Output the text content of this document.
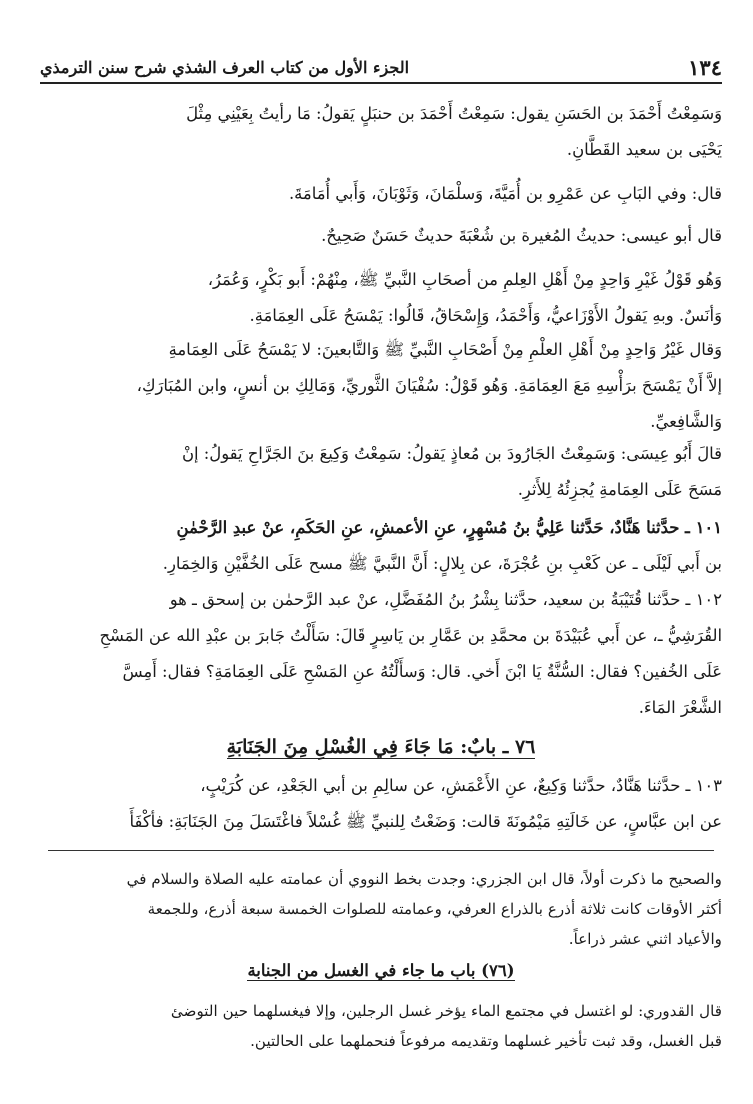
١٣٤
الجزء الأول من كتاب العرف الشذي شرح سنن الترمذي
وَسَمِعْتُ أَحْمَدَ بن الحَسَنِ يقول: سَمِعْتُ أَحْمَدَ بن حنبَلٍ يَقولُ: مَا رأيتُ بِعَيْنِي مِثْلَ
يَحْيَى بن سعيد القَطَّانِ.
قال: وفي البَابِ عن عَمْرِو بن أُمَيَّةَ، وَسلْمَانَ، وَثَوْبَانَ، وَأَبي أُمَامَةَ.
قال أبو عيسى: حديثُ المُغيرة بن شُعْبَةَ حديثٌ حَسَنٌ صَحِيحٌ.
وَهُو قَوْلُ غَيْرِ وَاحِدٍ مِنْ أَهْلِ العِلمِ من أصحَابِ النَّبيِّ ﷺ، مِنْهُمْ: أَبو بَكْرٍ، وَعُمَرُ،
وَأنَسٌ. وبهِ يَقولُ الأَوْزَاعيُّ، وَأَحْمَدُ، وَإِسْحَاقُ، قَالُوا: يَمْسَحُ عَلَى العِمَامَةِ.
وَقال غَيْرُ وَاحِدٍ مِنْ أَهْلِ العلْمِ مِنْ أَصْحَابِ النَّبيِّ ﷺ وَالتَّابعينَ: لا يَمْسَحُ عَلَى العِمَامةِ
إلاَّ أَنْ يَمْسَحَ برَأْسِهِ مَعَ العِمَامَةِ. وَهُو قَوْلُ: سُفْيَانَ الثَّوريِّ، وَمَالِكِ بن أنسٍ، وابن المُبَارَكِ،
وَالشَّافِعيِّ.
قالَ أَبُو عِيسَى: وَسَمِعْتُ الجَارُودَ بن مُعاذٍ يَقولُ: سَمِعْتُ وَكِيعَ بنَ الجَرَّاحِ يَقولُ: إنْ
مَسَحَ عَلَى العِمَامةِ يُجزِئُهُ لِلأَثرِ.
١٠١ ـ حدَّثنا هَنَّادٌ، حَدَّثنا عَلِيُّ بنُ مُسْهِرٍ، عنِ الأعمشِ، عنِ الحَكَمِ، عنْ عبدِ الرَّحْمٰنِ
بن أَبي لَيْلَى ـ عن كَعْبِ بنِ عُجْرَةَ، عن بِلالٍ: أَنَّ النَّبيَّ ﷺ مسح عَلَى الخُفَّيْنِ وَالخِمَارِ.
١٠٢ ـ حدَّثنا قُتَيْبَةُ بن سعيد، حدَّثنا بِشْرُ بنُ المُفَضَّلِ، عنْ عبد الرَّحمٰن بن إسحق ـ هو
القُرَشِيُّ ـ، عن أَبي عُبَيْدَةَ بن محمَّدِ بن عَمَّارِ بن يَاسِرٍ قَالَ: سَأَلْتُ جَابرَ بن عبْدِ الله عن المَسْحِ
عَلَى الخُفين؟ فقال: السُّنَّةُ يَا ابْنَ أَخي. قال: وَسأَلْتُهُ عنِ المَسْحِ عَلَى العِمَامَةِ؟ فقال: أَمِسَّ
الشَّعْرَ المَاءَ.
٧٦ ـ بابٌ: مَا جَاءَ فِي الغُسْلِ مِنَ الجَنَابَةِ
١٠٣ ـ حدَّثنا هَنَّادٌ، حدَّثنا وَكِيعٌ، عنِ الأَعْمَشِ، عن سالِمِ بن أبي الجَعْدِ، عن كُرَيْبٍ،
عن ابن عبَّاسٍ، عن خَالَتِهِ مَيْمُونَةَ قالت: وَضَعْتُ لِلنبيِّ ﷺ غُسْلاً فاغْتَسَلَ مِنَ الجَنَابَةِ: فأكْفَأَ
والصحيح ما ذكرت أولاً، قال ابن الجزري: وجدت بخط النووي أن عمامته عليه الصلاة والسلام في
أكثر الأوقات كانت ثلاثة أذرع بالذراع العرفي، وعمامته للصلوات الخمسة سبعة أذرع، وللجمعة
والأعياد اثني عشر ذراعاً.
(٧٦) باب ما جاء في الغسل من الجنابة
قال القدوري: لو اغتسل في مجتمع الماء يؤخر غسل الرجلين، وإلا فيغسلهما حين التوضئ
قبل الغسل، وقد ثبت تأخير غسلهما وتقديمه مرفوعاً فنحملهما على الحالتين.
